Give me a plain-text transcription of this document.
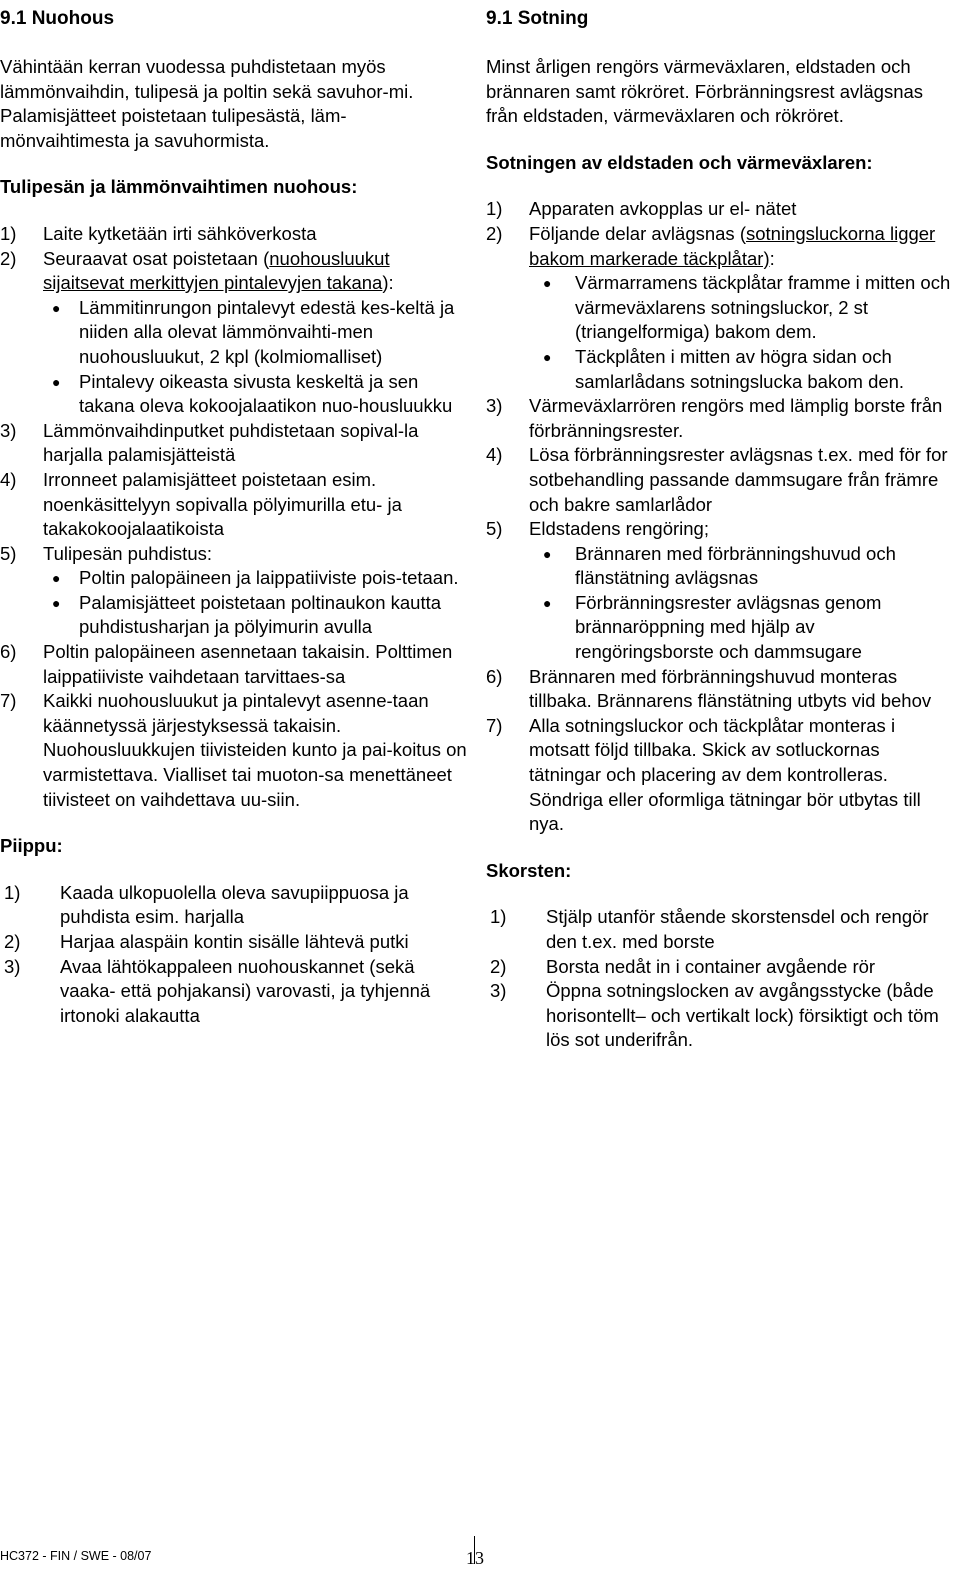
9.1 Nuohous

Vähintään kerran vuodessa puhdistetaan myös lämmönvaihdin, tulipesä ja poltin sekä savuhor-mi. Palamisjätteet poistetaan tulipesästä, läm-mönvaihtimesta ja savuhormista.

Tulipesän ja lämmönvaihtimen nuohous:

1) Laite kytketään irti sähköverkosta
2) Seuraavat osat poistetaan (nuohousluukut sijaitsevat merkittyjen pintalevyjen takana):
● Lämmitinrungon pintalevyt edestä kes-keltä ja niiden alla olevat lämmönvaihti-men nuohousluukut, 2 kpl (kolmiomalliset)
● Pintalevy oikeasta sivusta keskeltä ja sen takana oleva kokoojalaatikon nuo-housluukku
3) Lämmönvaihdinputket puhdistetaan sopival-la harjalla palamisjätteistä
4) Irronneet palamisjätteet poistetaan esim. noenkäsittelyyn sopivalla pölyimurilla etu- ja takakokoojalaatikoista
5) Tulipesän puhdistus:
● Poltin palopäineen ja laippatiiviste pois-tetaan.
● Palamisjätteet poistetaan poltinaukon kautta puhdistusharjan ja pölyimurin avulla
6) Poltin palopäineen asennetaan takaisin. Polttimen laippatiiviste vaihdetaan tarvittaes-sa
7) Kaikki nuohousluukut ja pintalevyt asenne-taan käännetyssä järjestyksessä takaisin. Nuohousluukkujen tiivisteiden kunto ja pai-koitus on varmistettava. Vialliset tai muoton-sa menettäneet tiivisteet on vaihdettava uu-siin.

Piippu:

1) Kaada ulkopuolella oleva savupiippuosa ja puhdista esim. harjalla
2) Harjaa alaspäin kontin sisälle lähtevä putki
3) Avaa lähtökappaleen nuohouskannet (sekä vaaka- että pohjakansi) varovasti, ja tyhjennä irtonoki alakautta
9.1 Sotning

Minst årligen rengörs värmeväxlaren, eldstaden och brännaren samt rökröret. Förbränningsrest avlägsnas från eldstaden, värmeväxlaren och rökröret.

Sotningen av eldstaden och värmeväxlaren:

1) Apparaten avkopplas ur el- nätet
2) Följande delar avlägsnas (sotningsluckorna ligger bakom markerade täckplåtar):
● Värmarramens täckplåtar framme i mitten och värmeväxlarens sotningsluckor, 2 st (triangelformiga) bakom dem.
● Täckplåten i mitten av högra sidan och samlarlådans sotningslucka bakom den.
3) Värmeväxlarrören rengörs med lämplig borste från förbränningsrester.
4) Lösa förbränningsrester avlägsnas t.ex. med för for sotbehandling passande dammsugare från främre och bakre samlarlådor
5) Eldstadens rengöring;
● Brännaren med förbränningshuvud och flänstätning avlägsnas
● Förbränningsrester avlägsnas genom brännaröppning med hjälp av rengöringsborste och dammsugare
6) Brännaren med förbränningshuvud monteras tillbaka. Brännarens flänstätning utbyts vid behov
7) Alla sotningsluckor och täckplåtar monteras i motsatt följd tillbaka. Skick av sotluckornas tätningar och placering av dem kontrolleras. Söndriga eller oformliga tätningar bör utbytas till nya.

Skorsten:

1) Stjälp utanför stående skorstensdel och rengör den t.ex. med borste
2) Borsta nedåt in i container avgående rör
3) Öppna sotningslocken av avgångsstycke (både horisontellt– och vertikalt lock) försiktigt och töm lös sot underifrån.
HC372 - FIN / SWE - 08/07	13
